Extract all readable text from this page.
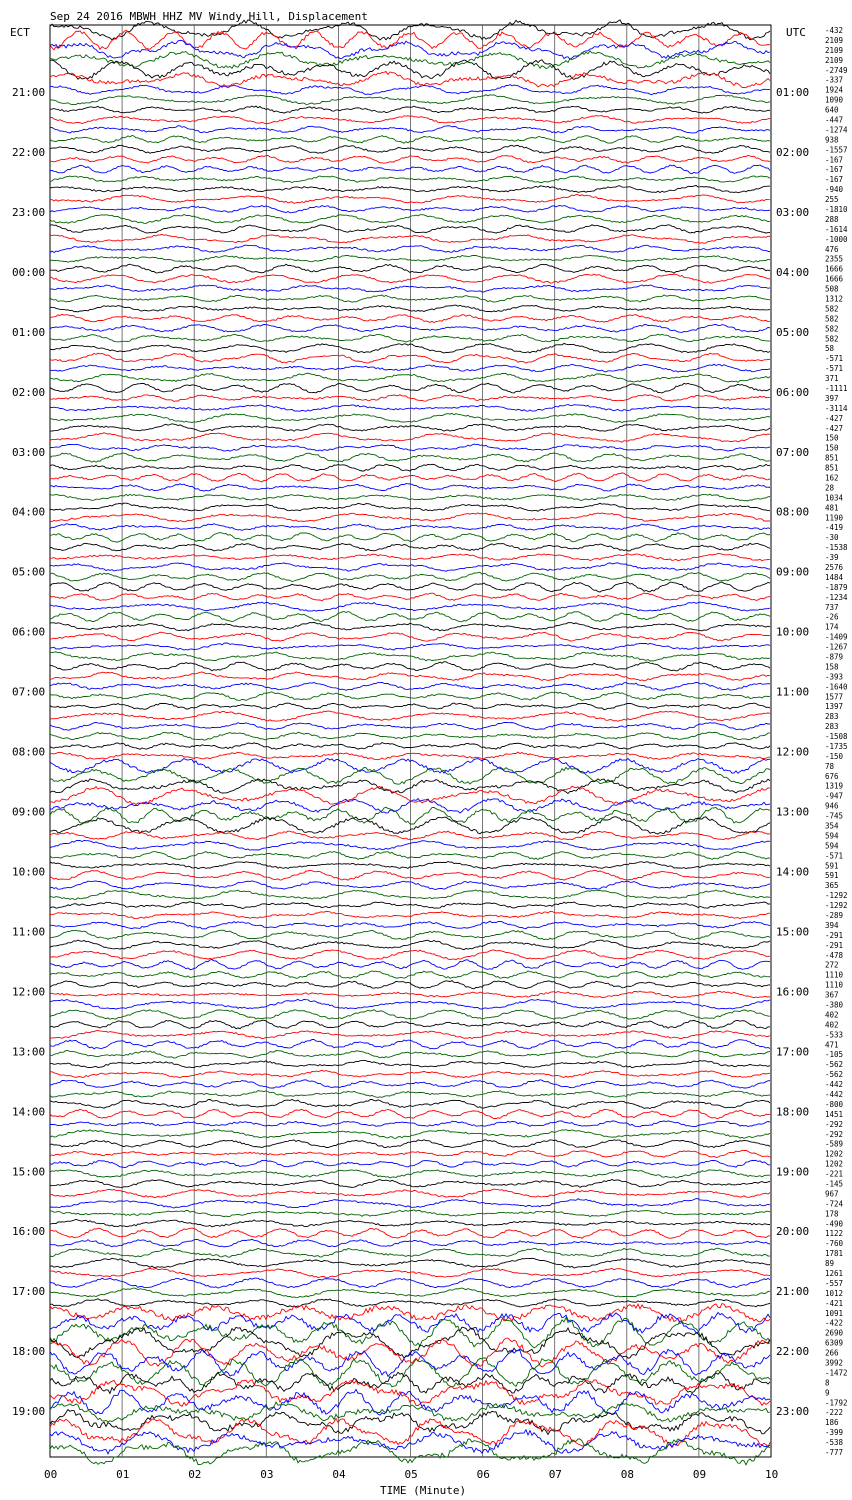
Sep 24 2016 MBWH HHZ MV Windy Hill, Displacement
ECT	UTC
TIME (Minute)
00	01	02	03	04	05	06	07	08	09	10
21:00
22:00
23:00
00:00
01:00
02:00
03:00
04:00
05:00
06:00
07:00
08:00
09:00
10:00
11:00
12:00
13:00
14:00
15:00
16:00
17:00
18:00
19:00
01:00
02:00
03:00
04:00
05:00
06:00
07:00
08:00
09:00
10:00
11:00
12:00
13:00
14:00
15:00
16:00
17:00
18:00
19:00
20:00
21:00
22:00
23:00
-432
2109
2109
2109
-2749
-337
1924
1090
640
-447
-1274
938
-1557
-167
-167
-167
-940
255
-1810
288
-1614
-1000
476
2355
1666
1666
508
1312
582
582
582
582
58
-571
-571
371
-1111
397
-3114
-427
-427
150
150
851
851
162
28
1034
481
1190
-419
-30
-1538
-39
2576
1484
-1879
-1234
737
-26
174
-1409
-1267
-879
158
-393
-1640
1577
1397
283
283
-1508
-1735
-150
78
676
1319
-947
946
-745
354
594
594
-571
591
591
365
-1292
-1292
-289
394
-291
-291
-478
272
1110
1110
367
-380
402
402
-533
471
-105
-562
-562
-442
-442
-800
1451
-292
-292
-589
1202
1202
-221
-145
967
-724
178
-490
1122
-760
1781
89
1261
-557
1012
-421
1091
-422
2690
6309
266
3992
-1472
8
9
-1792
-222
186
-399
-538
-777
